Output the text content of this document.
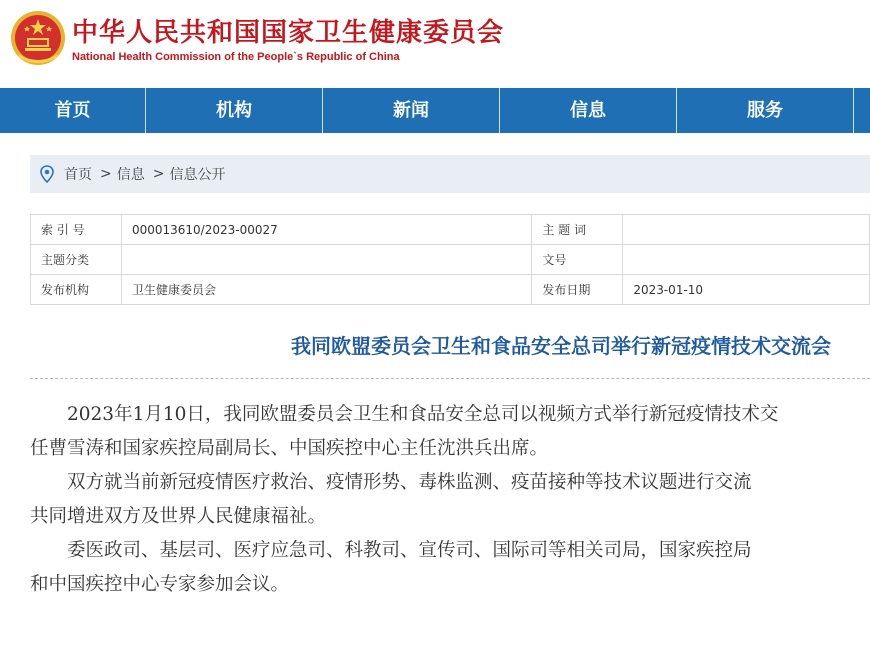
中华人民共和国国家卫生健康委员会
National Health Commission of the People`s Republic of China
首页	机构	新闻	信息	服务
首页 > 信息 > 信息公开
索 引 号	000013610/2023-00027	主 题 词	
主题分类		文号	
发布机构	卫生健康委员会	发布日期	2023-01-10
我同欧盟委员会卫生和食品安全总司举行新冠疫情技术交流会

　　2023年1月10日，我同欧盟委员会卫生和食品安全总司以视频方式举行新冠疫情技术交

任曹雪涛和国家疾控局副局长、中国疾控中心主任沈洪兵出席。

　　双方就当前新冠疫情医疗救治、疫情形势、毒株监测、疫苗接种等技术议题进行交流

共同增进双方及世界人民健康福祉。

　　委医政司、基层司、医疗应急司、科教司、宣传司、国际司等相关司局，国家疾控局

和中国疾控中心专家参加会议。
